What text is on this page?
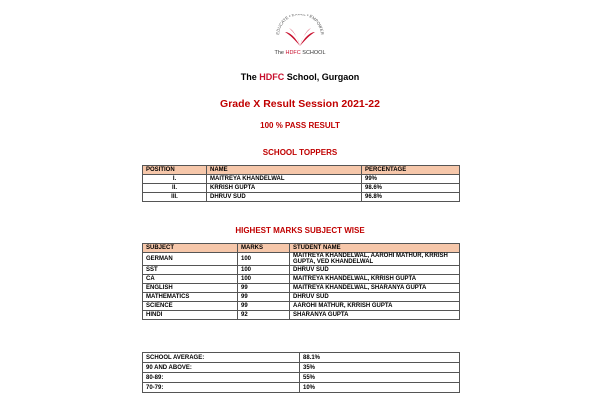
EDUCATE • E • EMPOWER
The HDFC SCHOOL
The HDFC School, Gurgaon
Grade X Result Session 2021-22
100 % PASS RESULT
SCHOOL TOPPERS
POSITION	NAME	PERCENTAGE
I.	MAITREYA KHANDELWAL	99%
II.	KRRISH GUPTA	98.6%
III.	DHRUV SUD	96.8%
HIGHEST MARKS SUBJECT WISE
SUBJECT	MARKS	STUDENT NAME
GERMAN	100	MAITREYA KHANDELWAL, AAROHI MATHUR, KRRISH GUPTA, VED KHANDELWAL
SST	100	DHRUV SUD
CA	100	MAITREYA KHANDELWAL, KRRISH GUPTA
ENGLISH	99	MAITREYA KHANDELWAL, SHARANYA GUPTA
MATHEMATICS	99	DHRUV SUD
SCIENCE	99	AAROHI MATHUR, KRRISH GUPTA
HINDI	92	SHARANYA GUPTA
SCHOOL AVERAGE:	88.1%
90 AND ABOVE:	35%
80-89:	55%
70-79:	10%
